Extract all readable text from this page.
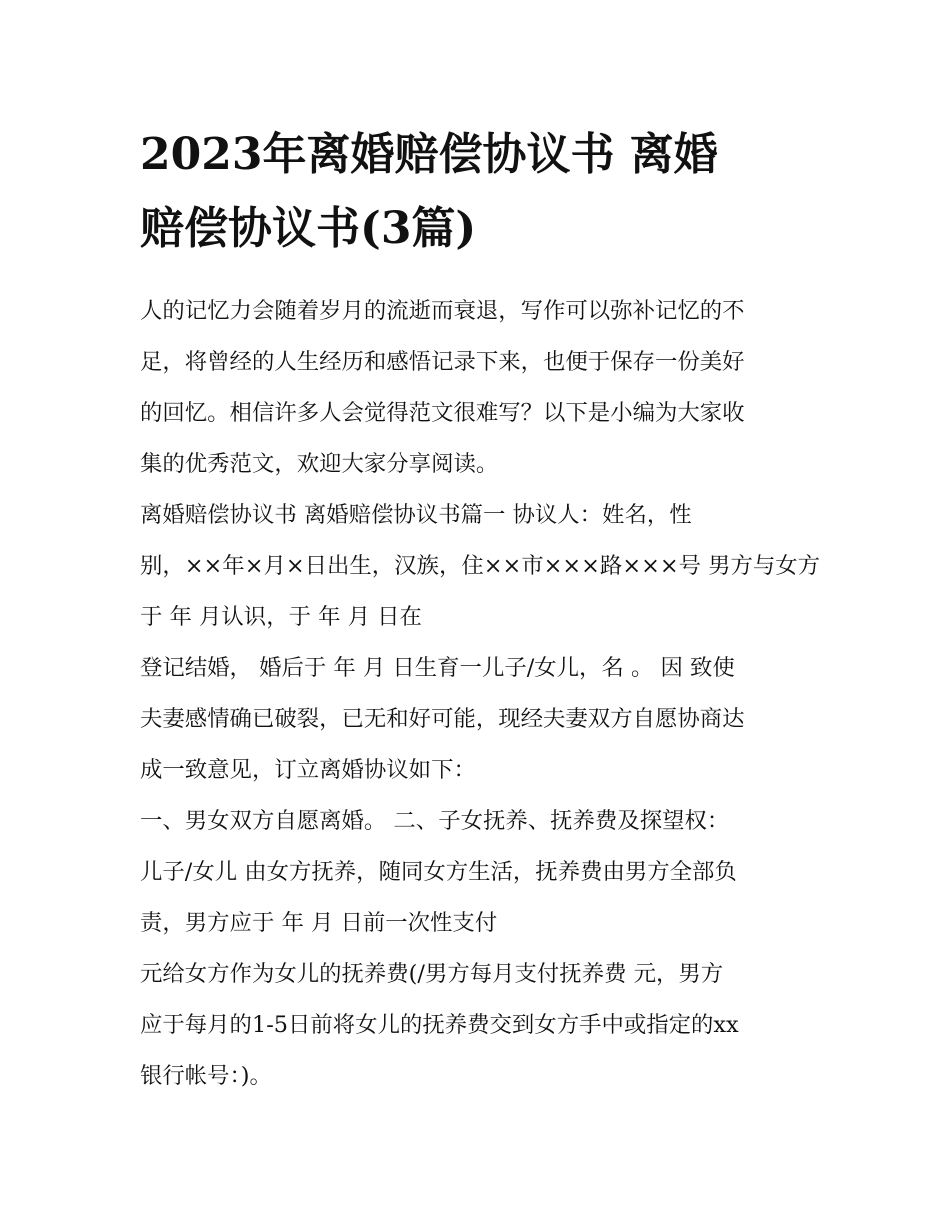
2023年离婚赔偿协议书 离婚
赔偿协议书(3篇)
人的记忆力会随着岁月的流逝而衰退，写作可以弥补记忆的不
足，将曾经的人生经历和感悟记录下来，也便于保存一份美好
的回忆。相信许多人会觉得范文很难写？以下是小编为大家收
集的优秀范文，欢迎大家分享阅读。
离婚赔偿协议书 离婚赔偿协议书篇一 协议人：姓名，性
别，××年×月×日出生，汉族，住××市×××路×××号 男方与女方
于 年 月认识，于 年 月 日在
登记结婚， 婚后于 年 月 日生育一儿子/女儿，名 。 因 致使
夫妻感情确已破裂，已无和好可能，现经夫妻双方自愿协商达
成一致意见，订立离婚协议如下：
一、男女双方自愿离婚。 二、子女抚养、抚养费及探望权：
儿子/女儿 由女方抚养，随同女方生活，抚养费由男方全部负
责，男方应于 年 月 日前一次性支付
元给女方作为女儿的抚养费(/男方每月支付抚养费 元，男方
应于每月的1-5日前将女儿的抚养费交到女方手中或指定的xx
银行帐号：)。
